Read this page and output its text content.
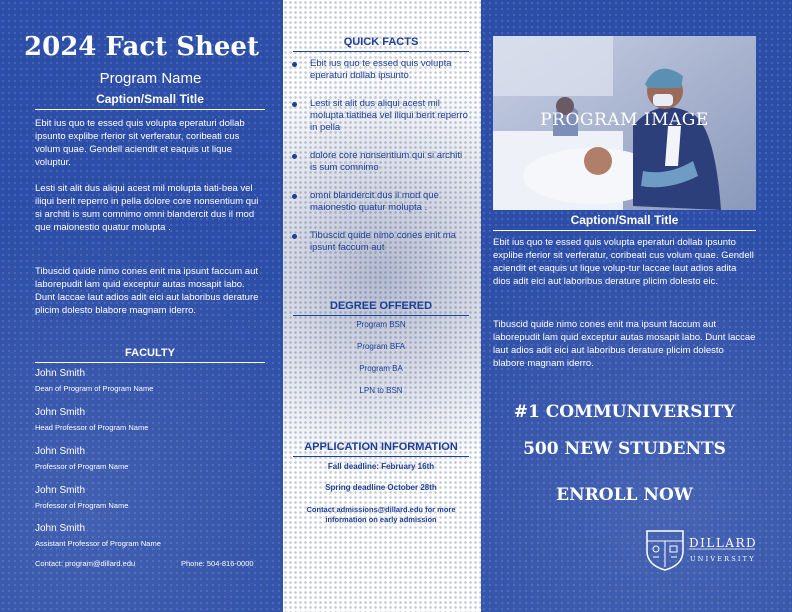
2024 Fact Sheet
Program Name
Caption/Small Title
Ebit ius quo te essed quis volupta eperaturi dollab ipsunto explibe rferior sit verferatur, coribeati cus volum quae. Gendell aciendit et eaquis ut lique voluptur.
Lesti sit alit dus aliqui acest mil molupta tiati-bea vel iliqui berit reperro in pella dolore core nonsentium qui si architi is sum comnimo omni blandercit dus il mod que maionestio quatur molupta .
Tibuscid quide nimo cones enit ma ipsunt faccum aut laborepudit lam quid exceptur autas mosapit labo. Dunt laccae laut adios adit eici aut laboribus derature plicim dolesto blabore magnam iderro.
FACULTY
John Smith
Dean of Program of Program Name
John Smith
Head Professor of Program Name
John Smith
Professor of Program Name
John Smith
Professor of Program Name
John Smith
Assistant Professor of Program Name
Contact: program@dillard.edu	Phone: 504-816-0000
QUICK FACTS
Ebit ius quo te essed quis volupta eperaturi dollab ipsunto
Lesti sit alit dus aliqui acest mil molupta tiatibea vel iliqui berit reperro in pella
dolore core nonsentium qui si architi is sum comnimo
omni blandercit dus il mod que maionestio quatur molupta .
Tibuscid quide nimo cones enit ma ipsunt faccum aut
DEGREE OFFERED
Program BSN
Program BFA
Program BA
LPN to BSN
APPLICATION INFORMATION
Fall deadline: February 16th
Spring deadline October 28th
Contact admissions@dillard.edu for more
information on early admission
PROGRAM IMAGE
Caption/Small Title
Ebit ius quo te essed quis volupta eperaturi dollab ipsunto explibe rferior sit verferatur, coribeati cus volum quae. Gendell aciendit et eaquis ut lique volup-tur laccae laut adios adita dios adit eici aut laboribus derature plicim dolesto eic.
Tibuscid quide nimo cones enit ma ipsunt faccum aut laborepudit lam quid exceptur autas mosapit labo. Dunt laccae laut adios adit eici aut laboribus derature plicim dolesto blabore magnam iderro.
#1 COMMUNIVERSITY
500 NEW STUDENTS
ENROLL NOW
DILLARD
UNIVERSITY
